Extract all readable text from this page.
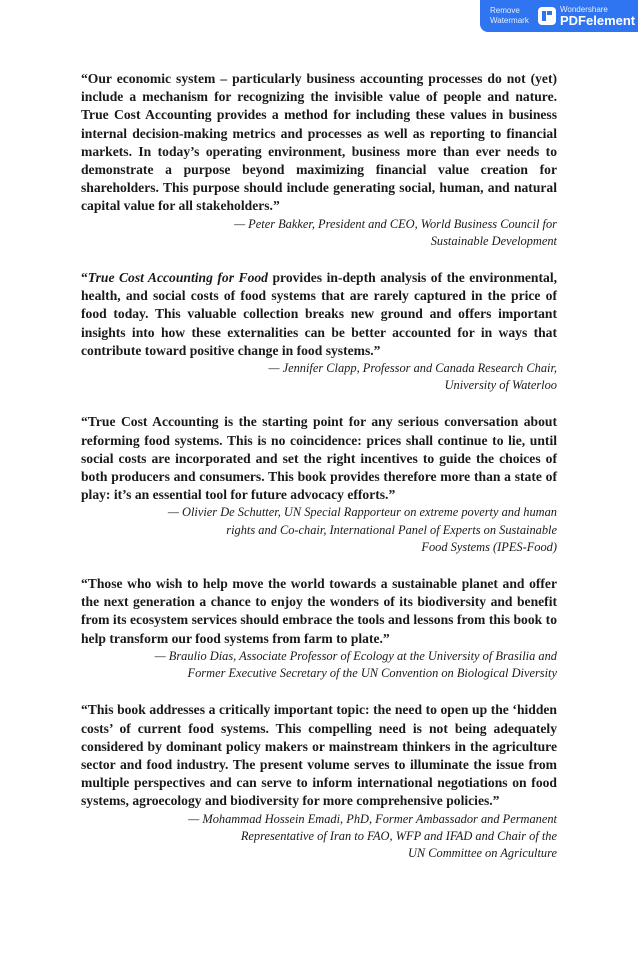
Remove
Watermark
Wondershare
PDFelement

“Our economic system – particularly business accounting processes do not (yet) include a mechanism for recognizing the invisible value of people and nature. True Cost Accounting provides a method for including these values in business internal decision-making metrics and processes as well as reporting to financial markets. In today’s operating environment, business more than ever needs to demonstrate a purpose beyond maximizing financial value creation for shareholders. This purpose should include generating social, human, and natural capital value for all stakeholders.”

— Peter Bakker, President and CEO, World Business Council for
Sustainable Development

“True Cost Accounting for Food provides in-depth analysis of the environmental, health, and social costs of food systems that are rarely captured in the price of food today. This valuable collection breaks new ground and offers important insights into how these externalities can be better accounted for in ways that contribute toward positive change in food systems.”

— Jennifer Clapp, Professor and Canada Research Chair,
University of Waterloo

“True Cost Accounting is the starting point for any serious conversation about reforming food systems. This is no coincidence: prices shall continue to lie, until social costs are incorporated and set the right incentives to guide the choices of both producers and consumers. This book provides therefore more than a state of play: it’s an essential tool for future advocacy efforts.”

— Olivier De Schutter, UN Special Rapporteur on extreme poverty and human
rights and Co-chair, International Panel of Experts on Sustainable
Food Systems (IPES-Food)

“Those who wish to help move the world towards a sustainable planet and offer the next generation a chance to enjoy the wonders of its biodiversity and benefit from its ecosystem services should embrace the tools and lessons from this book to help transform our food systems from farm to plate.”

— Braulio Dias, Associate Professor of Ecology at the University of Brasilia and
Former Executive Secretary of the UN Convention on Biological Diversity

“This book addresses a critically important topic: the need to open up the ‘hidden costs’ of current food systems. This compelling need is not being adequately considered by dominant policy makers or mainstream thinkers in the agriculture sector and food industry. The present volume serves to illuminate the issue from multiple perspectives and can serve to inform international negotiations on food systems, agroecology and biodiversity for more comprehensive policies.”

— Mohammad Hossein Emadi, PhD, Former Ambassador and Permanent
Representative of Iran to FAO, WFP and IFAD and Chair of the
UN Committee on Agriculture
